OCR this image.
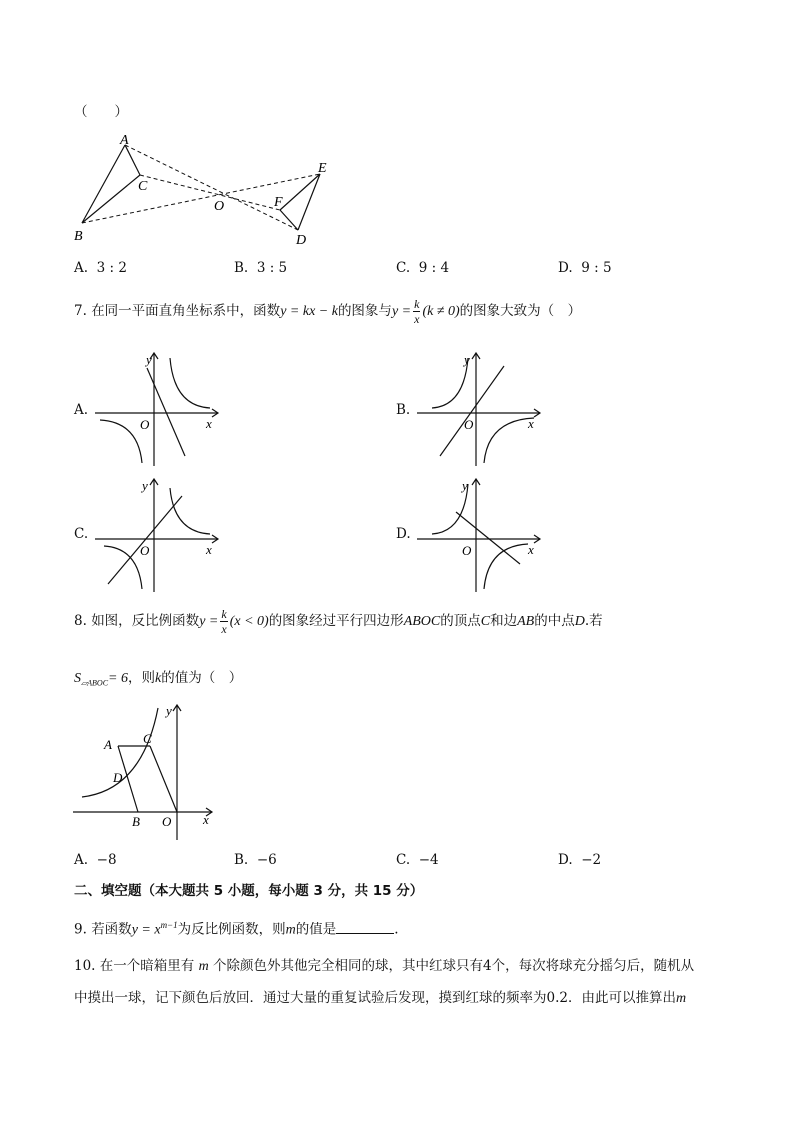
（　　）
A
B
C
O
E
F
D
A. 3 : 2	B. 3 : 5	C. 9 : 4	D. 9 : 5
7. 在同一平面直角坐标系中，函数y = kx − k的图象与$y = \frac{k}{x} (k \ne 0)$的图象大致为（　）
A.
O	x
y
B.
O	x
y
C.
O	x
y
D.
O	x
y
8. 如图，反比例函数$y = \frac{k}{x} (x < 0)$的图象经过平行四边形ABOC的顶点C和边AB的中点D.若
$S_{▱ABOC}= 6$，则k的值为（　）
A C
D
B O x
y
A. −8	B. −6	C. −4	D. −2
二、填空题（本大题共 5 小题，每小题 3 分，共 15 分）
9. 若函数$y = x^{m-1}$为反比例函数，则m的值是	.
10. 在一个暗箱里有 m 个除颜色外其他完全相同的球，其中红球只有4个，每次将球充分摇匀后，随机从
中摸出一球，记下颜色后放回．通过大量的重复试验后发现，摸到红球的频率为0.2．由此可以推算出m
